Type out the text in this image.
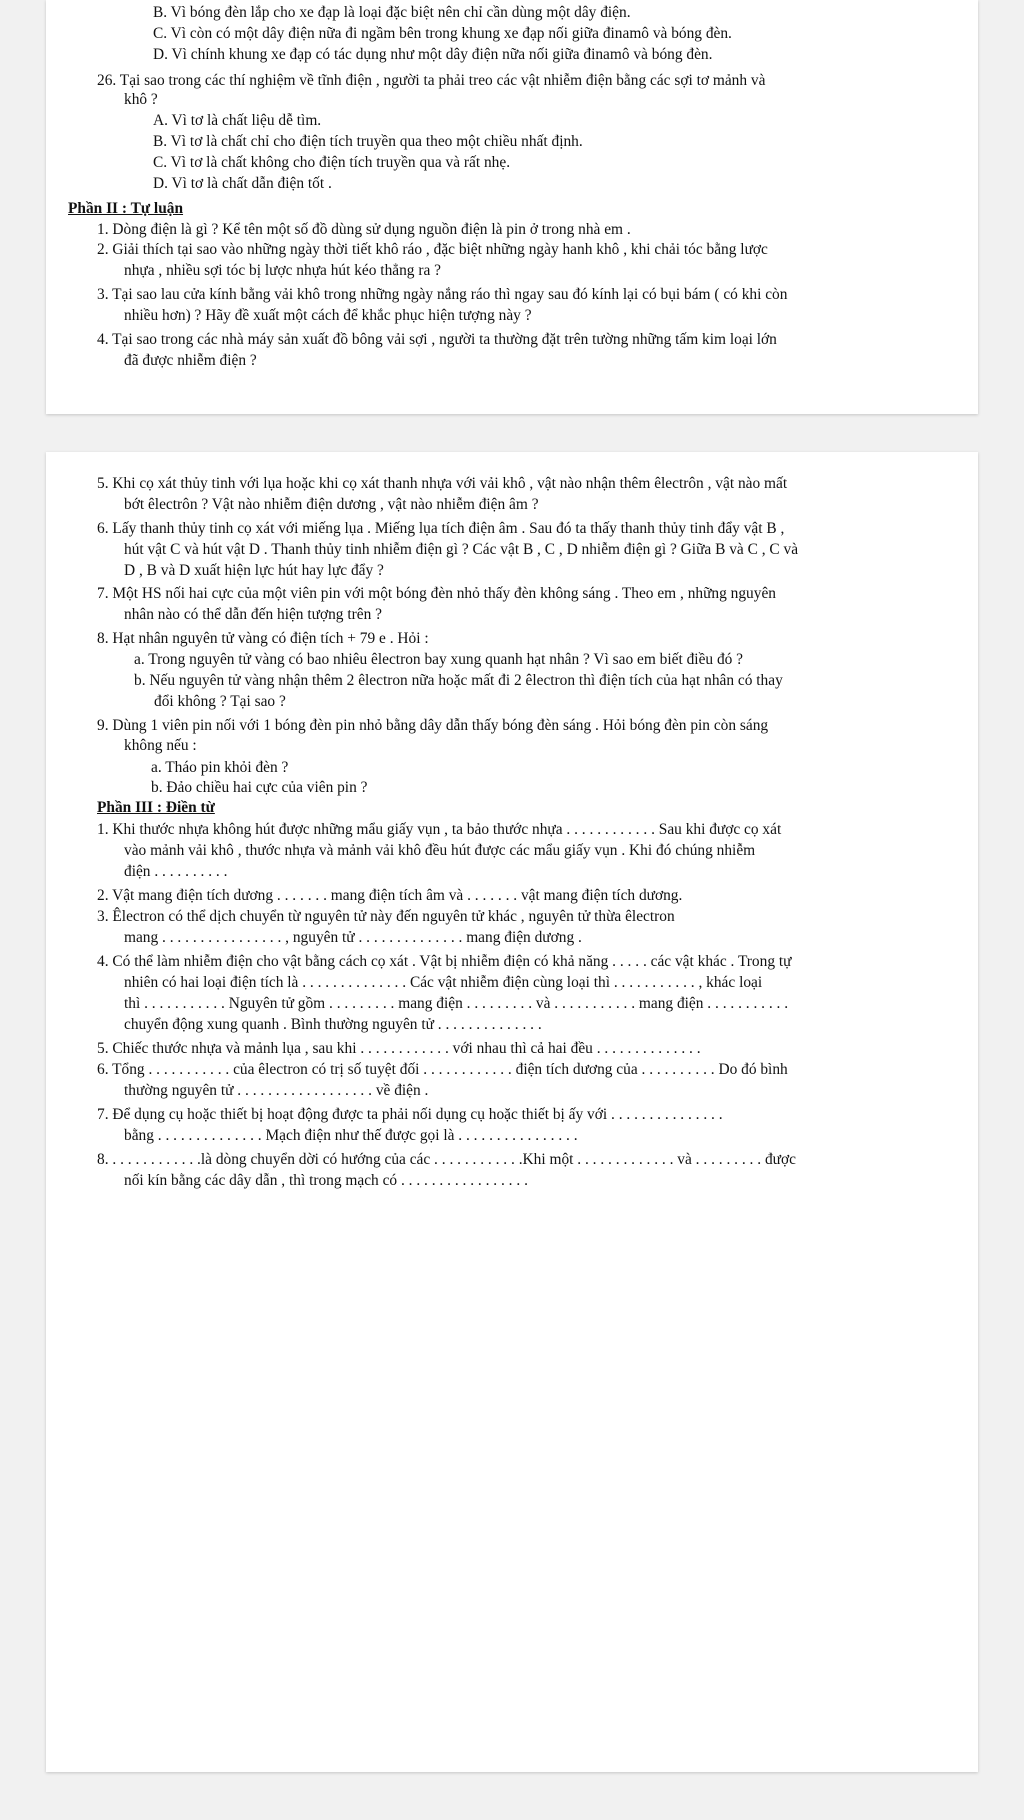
B. Vì bóng đèn lắp cho xe đạp là loại đặc biệt nên chỉ cần dùng một dây điện.
C. Vì còn có một dây điện nữa đi ngầm bên trong khung xe đạp nối giữa đinamô và bóng đèn.
D. Vì chính khung xe đạp có tác dụng như một dây điện nữa nối giữa đinamô và bóng đèn.
26. Tại sao trong các thí nghiệm về tĩnh điện , người ta phải treo các vật nhiễm điện bằng các sợi tơ mảnh và
khô ?
A. Vì tơ là chất liệu dễ tìm.
B. Vì tơ là chất chỉ cho điện tích truyền qua theo một chiều nhất định.
C. Vì tơ là chất không cho điện tích truyền qua và rất nhẹ.
D. Vì tơ là chất dẫn điện tốt .
Phần II : Tự luận
1. Dòng điện là gì ? Kể tên một số đồ dùng sử dụng nguồn điện là pin ở trong nhà em .
2. Giải thích tại sao vào những ngày thời tiết khô ráo , đặc biệt những ngày hanh khô , khi chải tóc bằng lược
nhựa , nhiều sợi tóc bị lược nhựa hút kéo thẳng ra ?
3. Tại sao lau cửa kính bằng vải khô trong những ngày nắng ráo thì ngay sau đó kính lại có bụi bám ( có khi còn
nhiều hơn) ? Hãy đề xuất một cách để khắc phục hiện tượng này ?
4. Tại sao trong các nhà máy sản xuất đồ bông vải sợi , người ta thường đặt trên tường những tấm kim loại lớn
đã được nhiễm điện ?
5. Khi cọ xát thủy tinh với lụa hoặc khi cọ xát thanh nhựa với vải khô , vật nào nhận thêm êlectrôn , vật nào mất
bớt êlectrôn ? Vật nào nhiễm điện dương , vật nào nhiễm điện âm ?
6. Lấy thanh thủy tinh cọ xát với miếng lụa . Miếng lụa tích điện âm . Sau đó ta thấy thanh thủy tinh đẩy vật B ,
hút vật C và hút vật D . Thanh thủy tinh nhiễm điện gì ? Các vật B , C , D nhiễm điện gì ? Giữa B và C , C và
D , B và D xuất hiện lực hút hay lực đẩy ?
7. Một HS nối hai cực của một viên pin với một bóng đèn nhỏ thấy đèn không sáng . Theo em , những nguyên
nhân nào có thể dẫn đến hiện tượng trên ?
8. Hạt nhân nguyên tử vàng có điện tích + 79 e . Hỏi :
a. Trong nguyên tử vàng có bao nhiêu êlectron bay xung quanh hạt nhân ? Vì sao em biết điều đó ?
b. Nếu nguyên tử vàng nhận thêm 2 êlectron nữa hoặc mất đi 2 êlectron thì điện tích của hạt nhân có thay
đổi không ? Tại sao ?
9. Dùng 1 viên pin nối với 1 bóng đèn pin nhỏ bằng dây dẫn thấy bóng đèn sáng . Hỏi bóng đèn pin còn sáng
không nếu :
a. Tháo pin khỏi đèn ?
b. Đảo chiều hai cực của viên pin ?
Phần III : Điền từ
1. Khi thước nhựa không hút được những mẩu giấy vụn , ta bảo thước nhựa . . . . . . . . . . . . Sau khi được cọ xát
vào mảnh vải khô , thước nhựa và mảnh vải khô đều hút được các mẩu giấy vụn . Khi đó chúng nhiễm
điện . . . . . . . . . .
2. Vật mang điện tích dương . . . . . . . mang điện tích âm và . . . . . . . vật mang điện tích dương.
3. Êlectron có thể dịch chuyển từ nguyên tử này đến nguyên tử khác , nguyên tử thừa êlectron
mang . . . . . . . . . . . . . . . . , nguyên tử . . . . . . . . . . . . . . mang điện dương .
4. Có thể làm nhiễm điện cho vật bằng cách cọ xát . Vật bị nhiễm điện có khả năng . . . . . các vật khác . Trong tự
nhiên có hai loại điện tích là . . . . . . . . . . . . . . Các vật nhiễm điện cùng loại thì . . . . . . . . . . . , khác loại
thì . . . . . . . . . . . Nguyên tử gồm . . . . . . . . . mang điện . . . . . . . . . và . . . . . . . . . . . mang điện . . . . . . . . . . .
chuyển động xung quanh . Bình thường nguyên tử . . . . . . . . . . . . . .
5. Chiếc thước nhựa và mảnh lụa , sau khi . . . . . . . . . . . . với nhau thì cả hai đều . . . . . . . . . . . . . .
6. Tổng . . . . . . . . . . . của êlectron có trị số tuyệt đối . . . . . . . . . . . . điện tích dương của . . . . . . . . . . Do đó bình
thường nguyên tử . . . . . . . . . . . . . . . . . . về điện .
7. Để dụng cụ hoặc thiết bị hoạt động được ta phải nối dụng cụ hoặc thiết bị ấy với . . . . . . . . . . . . . . .
bằng . . . . . . . . . . . . . . Mạch điện như thế được gọi là . . . . . . . . . . . . . . . .
8. . . . . . . . . . . . .là dòng chuyển dời có hướng của các . . . . . . . . . . . .Khi một . . . . . . . . . . . . . và . . . . . . . . . được
nối kín bằng các dây dẫn , thì trong mạch có . . . . . . . . . . . . . . . . .
